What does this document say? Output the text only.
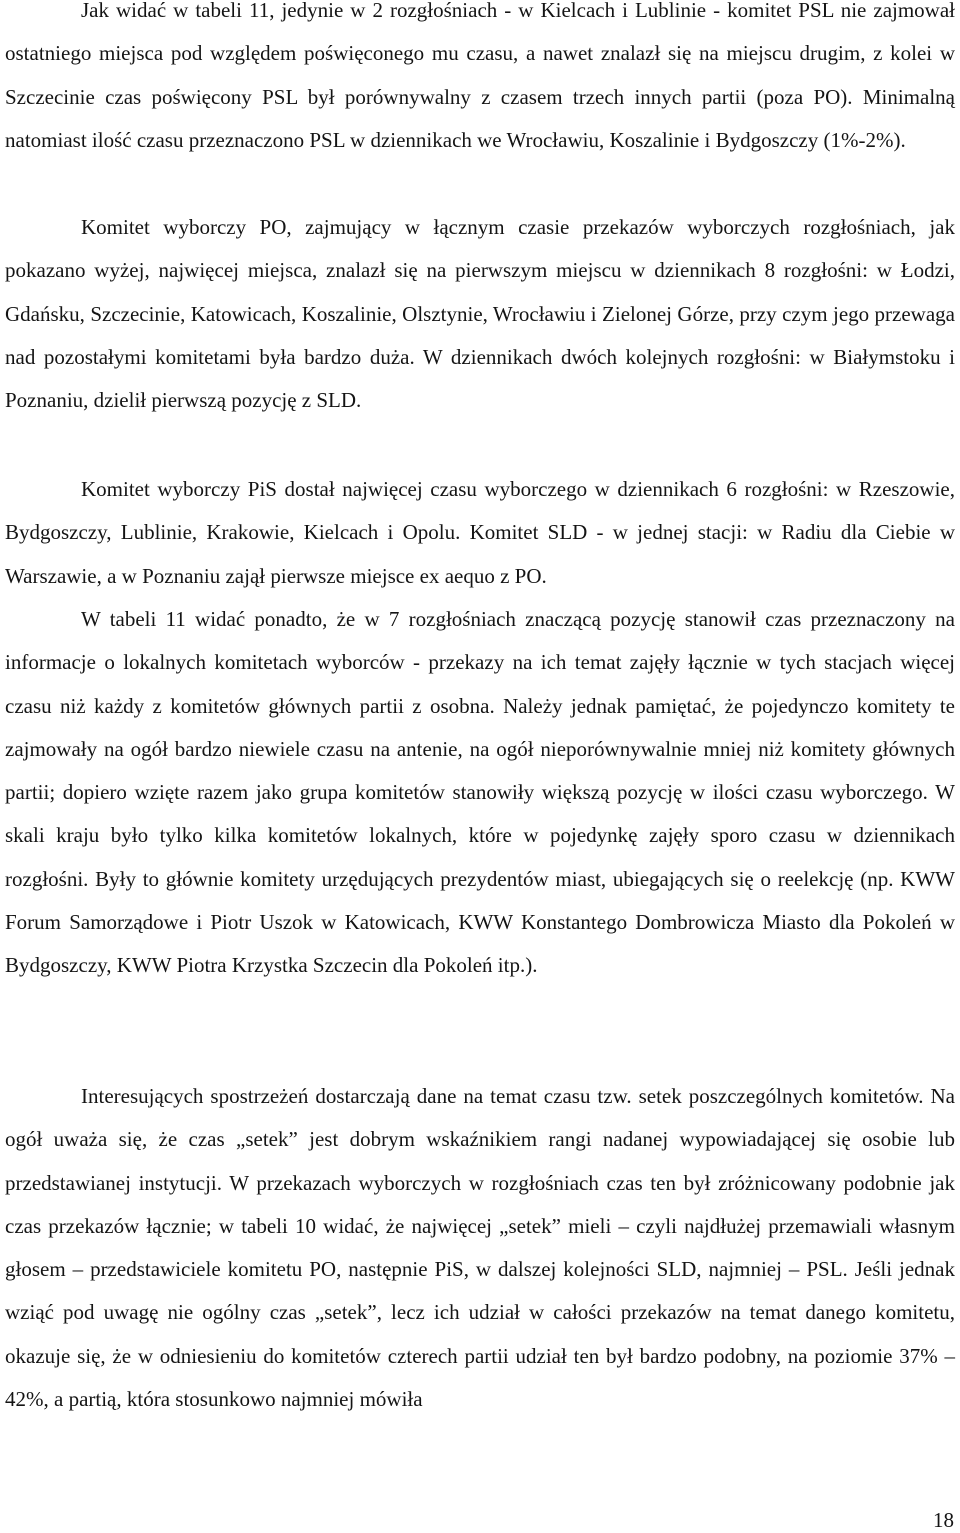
Jak widać w tabeli 11, jedynie w 2 rozgłośniach - w Kielcach i Lublinie - komitet PSL nie zajmował ostatniego miejsca pod względem poświęconego mu czasu, a nawet znalazł się na miejscu drugim, z kolei w Szczecinie czas poświęcony PSL był porównywalny z czasem trzech innych partii (poza PO). Minimalną natomiast ilość czasu przeznaczono PSL w dziennikach we Wrocławiu, Koszalinie i Bydgoszczy (1%-2%).

Komitet wyborczy PO, zajmujący w łącznym czasie przekazów wyborczych rozgłośniach, jak pokazano wyżej, najwięcej miejsca, znalazł się na pierwszym miejscu w dziennikach 8 rozgłośni: w Łodzi, Gdańsku, Szczecinie, Katowicach, Koszalinie, Olsztynie, Wrocławiu i Zielonej Górze, przy czym jego przewaga nad pozostałymi komitetami była bardzo duża. W dziennikach dwóch kolejnych rozgłośni: w Białymstoku i Poznaniu, dzielił pierwszą pozycję z SLD.

Komitet wyborczy PiS dostał najwięcej czasu wyborczego w dziennikach 6 rozgłośni: w Rzeszowie, Bydgoszczy, Lublinie, Krakowie, Kielcach i Opolu. Komitet SLD - w jednej stacji: w Radiu dla Ciebie w Warszawie, a w Poznaniu zajął pierwsze miejsce ex aequo z PO.

W tabeli 11 widać ponadto, że w 7 rozgłośniach znaczącą pozycję stanowił czas przeznaczony na informacje o lokalnych komitetach wyborców - przekazy na ich temat zajęły łącznie w tych stacjach więcej czasu niż każdy z komitetów głównych partii z osobna. Należy jednak pamiętać, że pojedynczo komitety te zajmowały na ogół bardzo niewiele czasu na antenie, na ogół nieporównywalnie mniej niż komitety głównych partii; dopiero wzięte razem jako grupa komitetów stanowiły większą pozycję w ilości czasu wyborczego. W skali kraju było tylko kilka komitetów lokalnych, które w pojedynkę zajęły sporo czasu w dziennikach rozgłośni. Były to głównie komitety urzędujących prezydentów miast, ubiegających się o reelekcję (np. KWW Forum Samorządowe i Piotr Uszok w Katowicach, KWW Konstantego Dombrowicza Miasto dla Pokoleń w Bydgoszczy, KWW Piotra Krzystka Szczecin dla Pokoleń itp.).

Interesujących spostrzeżeń dostarczają dane na temat czasu tzw. setek poszczególnych komitetów. Na ogół uważa się, że czas „setek” jest dobrym wskaźnikiem rangi nadanej wypowiadającej się osobie lub przedstawianej instytucji. W przekazach wyborczych w rozgłośniach czas ten był zróżnicowany podobnie jak czas przekazów łącznie; w tabeli 10 widać, że najwięcej „setek” mieli – czyli najdłużej przemawiali własnym głosem – przedstawiciele komitetu PO, następnie PiS, w dalszej kolejności SLD, najmniej – PSL. Jeśli jednak wziąć pod uwagę nie ogólny czas „setek”, lecz ich udział w całości przekazów na temat danego komitetu, okazuje się, że w odniesieniu do komitetów czterech partii udział ten był bardzo podobny, na poziomie 37% – 42%, a partią, która stosunkowo najmniej mówiła

18
